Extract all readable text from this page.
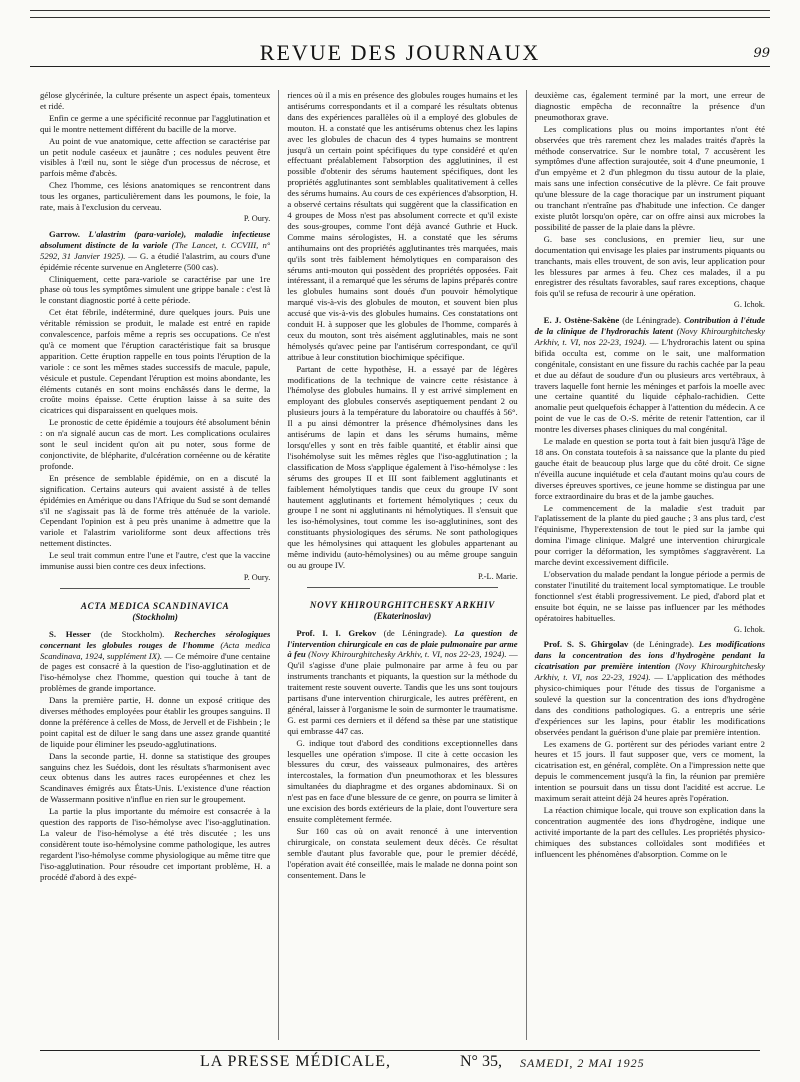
REVUE DES JOURNAUX	99

gélose glycérinée, la culture présente un aspect épais, tomenteux et ridé.

Enfin ce germe a une spécificité reconnue par l'agglutination et qui le montre nettement différent du bacille de la morve.

Au point de vue anatomique, cette affection se caractérise par un petit nodule caséeux et jaunâtre ; ces nodules peuvent être visibles à l'œil nu, sont le siège d'un processus de nécrose, et parfois même d'abcès.

Chez l'homme, ces lésions anatomiques se rencontrent dans tous les organes, particulièrement dans les poumons, le foie, la rate, mais à l'exclusion du cerveau.

P. Oury.

Garrow. L'alastrim (para-variole), maladie infectieuse absolument distincte de la variole (The Lancet, t. CCVIII, n° 5292, 31 Janvier 1925). — G. a étudié l'alastrim, au cours d'une épidémie récente survenue en Angleterre (500 cas).

Cliniquement, cette para-variole se caractérise par une 1re phase où tous les symptômes simulent une grippe banale : c'est là le constant diagnostic porté à cette période.

Cet état fébrile, indéterminé, dure quelques jours. Puis une véritable rémission se produit, le malade est entré en rapide convalescence, parfois même a repris ses occupations. Ce n'est qu'à ce moment que l'éruption caractéristique fait sa brusque apparition. Cette éruption rappelle en tous points l'éruption de la variole : ce sont les mêmes stades successifs de macule, papule, vésicule et pustule. Cependant l'éruption est moins abondante, les éléments cutanés en sont moins enchâssés dans le derme, la croûte moins épaisse. Cette éruption laisse à sa suite des cicatrices qui disparaissent en quelques mois.

Le pronostic de cette épidémie a toujours été absolument bénin : on n'a signalé aucun cas de mort. Les complications oculaires sont le seul incident qu'on ait pu noter, sous forme de conjonctivite, de blépharite, d'ulcération cornéenne ou de kératite profonde.

En présence de semblable épidémie, on en a discuté la signification. Certains auteurs qui avaient assisté à de telles épidémies en Amérique ou dans l'Afrique du Sud se sont demandé s'il ne s'agissait pas là de forme très atténuée de la variole. Cependant l'opinion est à peu près unanime à admettre que la variole et l'alastrim varioliforme sont deux affections très nettement distinctes.

Le seul trait commun entre l'une et l'autre, c'est que la vaccine immunise aussi bien contre ces deux infections.

P. Oury.
ACTA MEDICA SCANDINAVICA
(Stockholm)

S. Hesser (de Stockholm). Recherches sérologiques concernant les globules rouges de l'homme (Acta medica Scandinava, 1924, supplément IX). — Ce mémoire d'une centaine de pages est consacré à la question de l'iso-agglutination et de l'iso-hémolyse chez l'homme, question qui touche à tant de problèmes de grande importance.

Dans la première partie, H. donne un exposé critique des diverses méthodes employées pour établir les groupes sanguins. Il donne la préférence à celles de Moss, de Jervell et de Fishbein ; le point capital est de diluer le sang dans une assez grande quantité de liquide pour éliminer les pseudo-agglutinations.

Dans la seconde partie, H. donne sa statistique des groupes sanguins chez les Suédois, dont les résultats s'harmonisent avec ceux obtenus dans les autres races européennes et chez les Scandinaves émigrés aux États-Unis. L'existence d'une réaction de Wassermann positive n'influe en rien sur le groupement.

La partie la plus importante du mémoire est consacrée à la question des rapports de l'iso-hémolyse avec l'iso-agglutination. La valeur de l'iso-hémolyse a été très discutée ; les uns considèrent toute iso-hémolysine comme pathologique, les autres regardent l'iso-hémolyse comme physiologique au même titre que l'iso-agglutination. Pour résoudre cet important problème, H. a procédé d'abord à des expé-

riences où il a mis en présence des globules rouges humains et les antisérums correspondants et il a comparé les résultats obtenus dans des expériences parallèles où il a employé des globules de mouton. H. a constaté que les antisérums obtenus chez les lapins avec les globules de chacun des 4 types humains se montrent jusqu'à un certain point spécifiques du type considéré et qu'en effectuant préalablement l'absorption des agglutinines, il est possible d'obtenir des sérums hautement spécifiques, dont les propriétés agglutinantes sont semblables qualitativement à celles des sérums humains. Au cours de ces expériences d'absorption, H. a observé certains résultats qui suggèrent que la classification en 4 groupes de Moss n'est pas absolument correcte et qu'il existe des sous-groupes, comme l'ont déjà avancé Guthrie et Huck. Comme mains sérologistes, H. a constaté que les sérums antihumains ont des propriétés agglutinantes très marquées, mais qu'ils sont très faiblement hémolytiques en comparaison des sérums anti-mouton qui possèdent des propriétés opposées. Fait intéressant, il a remarqué que les sérums de lapins préparés contre les globules humains sont doués d'un pouvoir hémolytique marqué vis-à-vis des globules de mouton, et souvent bien plus accusé que vis-à-vis des globules humains. Ces constatations ont conduit H. à supposer que les globules de l'homme, comparés à ceux du mouton, sont très aisément agglutinables, mais ne sont hémolysés qu'avec peine par l'antisérum correspondant, ce qu'il attribue à leur constitution biochimique spécifique.

Partant de cette hypothèse, H. a essayé par de légères modifications de la technique de vaincre cette résistance à l'hémolyse des globules humains. Il y est arrivé simplement en employant des globules conservés aseptiquement pendant 2 ou plusieurs jours à la température du laboratoire ou chauffés à 56°. Il a pu ainsi démontrer la présence d'hémolysines dans les antisérums de lapin et dans les sérums humains, même lorsqu'elles y sont en très faible quantité, et établir ainsi que l'isohémolyse suit les mêmes règles que l'iso-agglutination ; la classification de Moss s'applique également à l'iso-hémolyse : les sérums des groupes II et III sont faiblement agglutinants et faiblement hémolytiques tandis que ceux du groupe IV sont hautement agglutinants et fortement hémolytiques ; ceux du groupe I ne sont ni agglutinants ni hémolytiques. Il s'ensuit que les iso-hémolysines, tout comme les iso-agglutinines, sont des constituants physiologiques des sérums. Ne sont pathologiques que les hémolysines qui attaquent les globules appartenant au même individu (auto-hémolysines) ou au même groupe sanguin ou au groupe IV.

P.-L. Marie.
NOVY KHIROURGHITCHESKY ARKHIV
(Ekaterinoslav)

Prof. I. I. Grekov (de Léningrade). La question de l'intervention chirurgicale en cas de plaie pulmonaire par arme à feu (Novy Khirourghitchesky Arkhiv, t. VI, nos 22-23, 1924). — Qu'il s'agisse d'une plaie pulmonaire par arme à feu ou par instruments tranchants et piquants, la question sur la méthode du traitement reste souvent ouverte. Tandis que les uns sont toujours partisans d'une intervention chirurgicale, les autres préfèrent, en général, laisser à l'organisme le soin de surmonter le traumatisme. G. est parmi ces derniers et il défend sa thèse par une statistique qui embrasse 447 cas.

G. indique tout d'abord des conditions exceptionnelles dans lesquelles une opération s'impose. Il cite à cette occasion les blessures du cœur, des vaisseaux pulmonaires, des artères intercostales, la formation d'un pneumothorax et les blessures simultanées du diaphragme et des organes abdominaux. Si on n'est pas en face d'une blessure de ce genre, on pourra se limiter à une excision des bords extérieurs de la plaie, dont l'ouverture sera ensuite complètement fermée.

Sur 160 cas où on avait renoncé à une intervention chirurgicale, on constata seulement deux décès. Ce résultat semble d'autant plus favorable que, pour le premier décédé, l'opération avait été conseillée, mais le malade ne donna point son consentement. Dans le

deuxième cas, également terminé par la mort, une erreur de diagnostic empêcha de reconnaître la présence d'un pneumothorax grave.

Les complications plus ou moins importantes n'ont été observées que très rarement chez les malades traités d'après la méthode conservatrice. Sur le nombre total, 7 accusèrent les symptômes d'une affection surajoutée, soit 4 d'une pneumonie, 1 d'un empyème et 2 d'un phlegmon du tissu autour de la plaie, mais sans une infection consécutive de la plèvre. Ce fait prouve qu'une blessure de la cage thoracique par un instrument piquant ou tranchant n'entraîne pas d'habitude une infection. Ce danger existe plutôt lorsqu'on opère, car on offre ainsi aux microbes la possibilité de passer de la plaie dans la plèvre.

G. base ses conclusions, en premier lieu, sur une documentation qui envisage les plaies par instruments piquants ou tranchants, mais elles trouvent, de son avis, leur application pour les blessures par armes à feu. Chez ces malades, il a pu enregistrer des résultats favorables, sauf rares exceptions, chaque fois qu'il se refusa de recourir à une opération.

G. Ichok.

E. J. Ostène-Sakène (de Léningrade). Contribution à l'étude de la clinique de l'hydrorachis latent (Novy Khirourghitchesky Arkhiv, t. VI, nos 22-23, 1924). — L'hydrorachis latent ou spina bifida occulta est, comme on le sait, une malformation congénitale, consistant en une fissure du rachis cachée par la peau et due au défaut de soudure d'un ou plusieurs arcs vertébraux, à travers laquelle font hernie les méninges et parfois la moelle avec une certaine quantité du liquide céphalo-rachidien. Cette anomalie peut quelquefois échapper à l'attention du médecin. A ce point de vue le cas de O.-S. mérite de retenir l'attention, car il montre les diverses phases cliniques du mal congénital.

Le malade en question se porta tout à fait bien jusqu'à l'âge de 18 ans. On constata toutefois à sa naissance que la plante du pied gauche était de beaucoup plus large que du côté droit. Ce signe n'éveilla aucune inquiétude et cela d'autant moins qu'au cours de diverses épreuves sportives, ce jeune homme se distingua par une force extraordinaire du bras et de la jambe gauches.

Le commencement de la maladie s'est traduit par l'aplatissement de la plante du pied gauche ; 3 ans plus tard, c'est l'équinisme, l'hyperextension de tout le pied sur la jambe qui domina l'image clinique. Malgré une intervention chirurgicale pour corriger la déformation, les symptômes s'aggravèrent. La marche devint excessivement difficile.

L'observation du malade pendant la longue période a permis de constater l'inutilité du traitement local symptomatique. Le trouble fonctionnel s'est établi progressivement. Le pied, d'abord plat et ensuite bot équin, ne se laisse pas influencer par les méthodes opératoires habituelles.

G. Ichok.

Prof. S. S. Ghirgolav (de Léningrade). Les modifications dans la concentration des ions d'hydrogène pendant la cicatrisation par première intention (Novy Khirourghitchesky Arkhiv, t. VI, nos 22-23, 1924). — L'application des méthodes physico-chimiques pour l'étude des tissus de l'organisme a soulevé la question sur la concentration des ions d'hydrogène dans des conditions pathologiques. G. a entrepris une série d'expériences sur les lapins, pour établir les modifications observées pendant la guérison d'une plaie par première intention.

Les examens de G. portèrent sur des périodes variant entre 2 heures et 15 jours. Il faut supposer que, vers ce moment, la cicatrisation est, en général, complète. On a l'impression nette que depuis le commencement jusqu'à la fin, la réunion par première intention se poursuit dans un tissu dont l'acidité est accrue. Le maximum serait atteint déjà 24 heures après l'opération.

La réaction chimique locale, qui trouve son explication dans la concentration augmentée des ions d'hydrogène, indique une activité importante de la part des cellules. Les propriétés physico-chimiques des substances colloïdales sont modifiées et influencent les phénomènes d'absorption. Comme on le

LA PRESSE MÉDICALE,	N° 35, SAMEDI, 2 MAI 1925
